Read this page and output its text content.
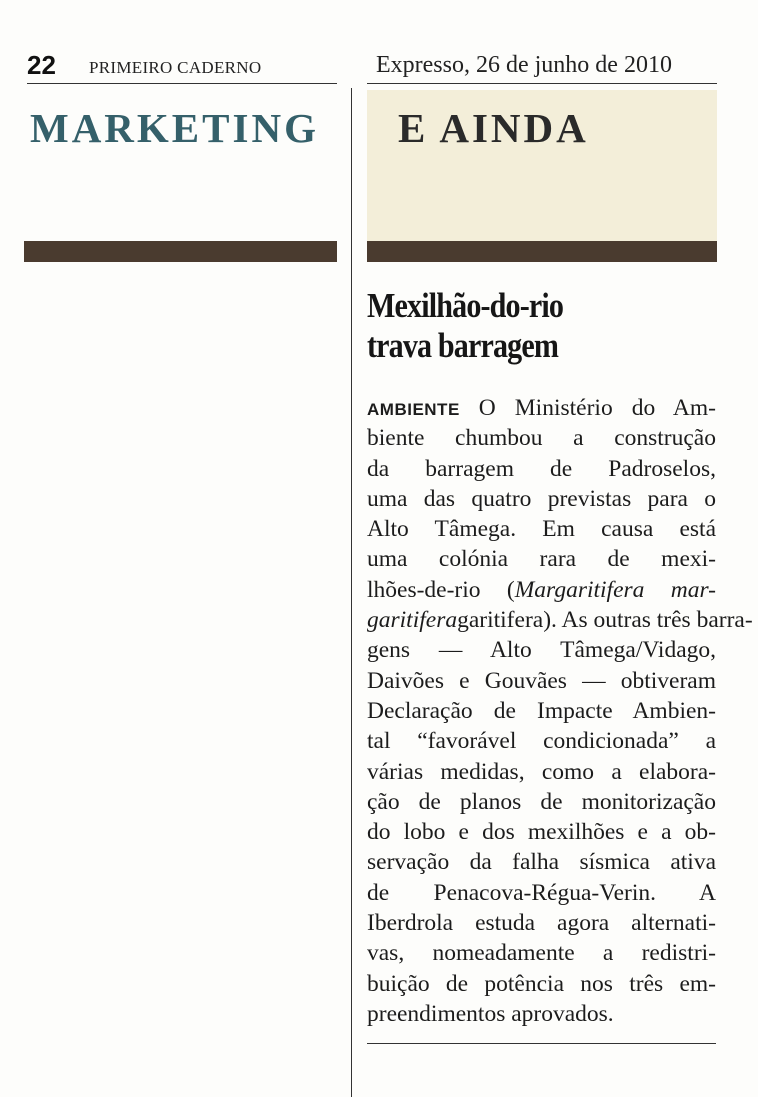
22 PRIMEIRO CADERNO	Expresso, 26 de junho de 2010
MARKETING E AINDA
Mexilhão-do-rio
trava barragem
AMBIENTE O Ministério do Am-
biente chumbou a construção
da barragem de Padroselos,
uma das quatro previstas para o
Alto Tâmega. Em causa está
uma colónia rara de mexi-
lhões-de-rio (Margaritifera mar-
garitiferagaritifera). As outras três barra-
gens — Alto Tâmega/Vidago,
Daivões e Gouvães — obtiveram
Declaração de Impacte Ambien-
tal “favorável condicionada” a
várias medidas, como a elabora-
ção de planos de monitorização
do lobo e dos mexilhões e a ob-
servação da falha sísmica ativa
de Penacova-Régua-Verin. A
Iberdrola estuda agora alternati-
vas, nomeadamente a redistri-
buição de potência nos três em-
preendimentos aprovados.
